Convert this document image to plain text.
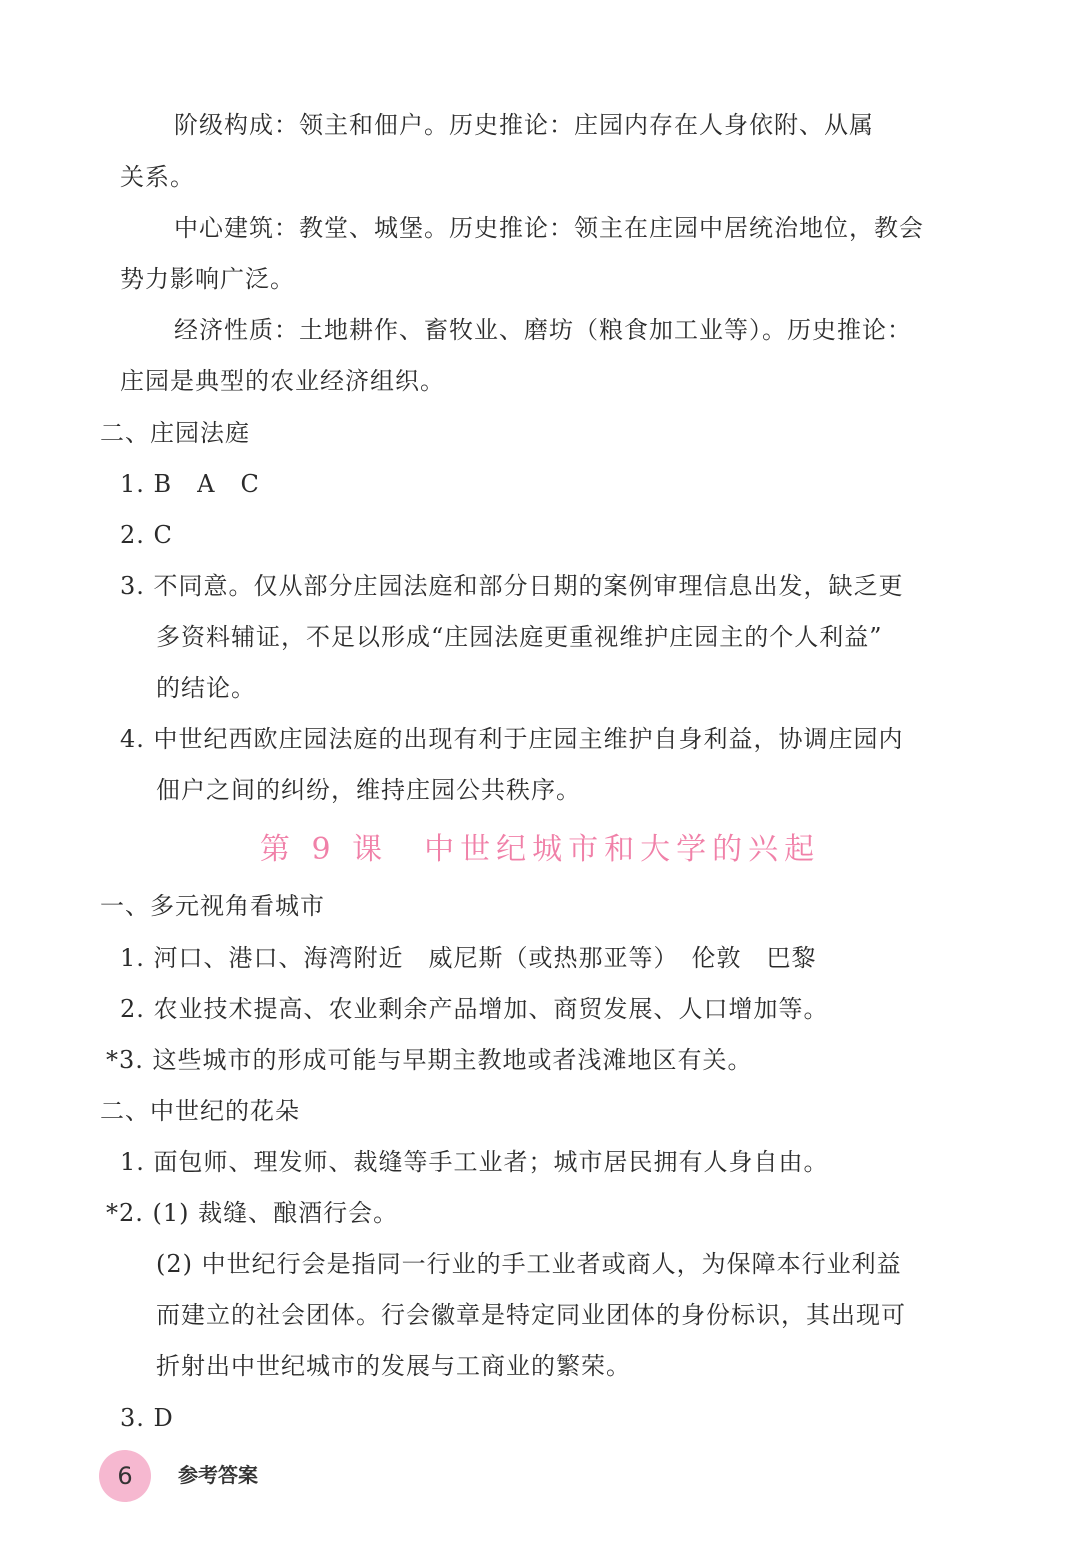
阶级构成：领主和佃户。历史推论：庄园内存在人身依附、从属
关系。
中心建筑：教堂、城堡。历史推论：领主在庄园中居统治地位，教会
势力影响广泛。
经济性质：土地耕作、畜牧业、磨坊（粮食加工业等）。历史推论：
庄园是典型的农业经济组织。
二、庄园法庭
1. B　A　C
2. C
3. 不同意。仅从部分庄园法庭和部分日期的案例审理信息出发，缺乏更
多资料辅证，不足以形成“庄园法庭更重视维护庄园主的个人利益”
的结论。
4. 中世纪西欧庄园法庭的出现有利于庄园主维护自身利益，协调庄园内
佃户之间的纠纷，维持庄园公共秩序。
第 9 课　中世纪城市和大学的兴起
一、多元视角看城市
1. 河口、港口、海湾附近　威尼斯（或热那亚等）　伦敦　巴黎
2. 农业技术提高、农业剩余产品增加、商贸发展、人口增加等。
*3. 这些城市的形成可能与早期主教地或者浅滩地区有关。
二、中世纪的花朵
1. 面包师、理发师、裁缝等手工业者；城市居民拥有人身自由。
*2. (1) 裁缝、酿酒行会。
(2) 中世纪行会是指同一行业的手工业者或商人，为保障本行业利益
而建立的社会团体。行会徽章是特定同业团体的身份标识，其出现可
折射出中世纪城市的发展与工商业的繁荣。
3. D
6	参考答案
